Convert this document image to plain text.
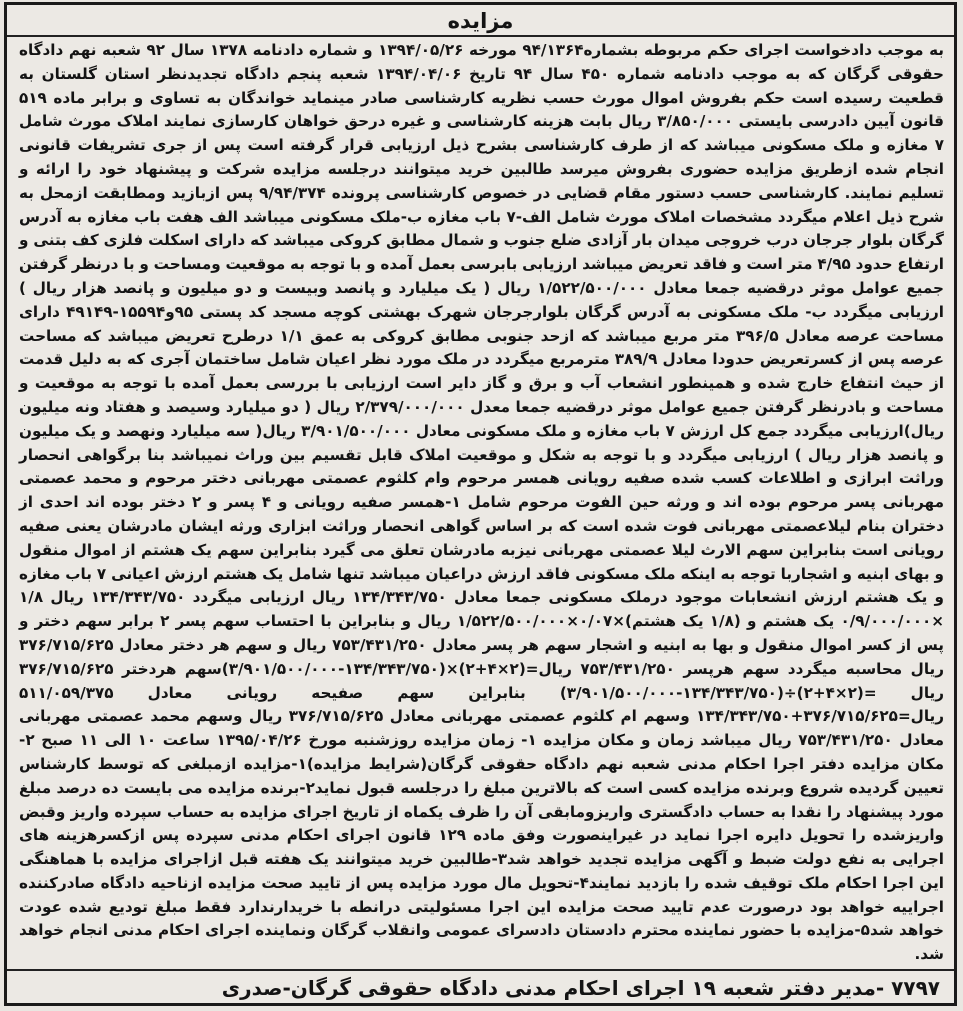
مزایده
به موجب دادخواست اجرای حکم مربوطه بشماره۹۴/۱۳۶۴ مورخه ۱۳۹۴/۰۵/۲۶ و شماره دادنامه ۱۳۷۸ سال ۹۲ شعبه نهم دادگاه حقوقی گرگان که به موجب دادنامه شماره ۴۵۰ سال ۹۴ تاریخ ۱۳۹۴/۰۴/۰۶ شعبه پنجم دادگاه تجدیدنظر استان گلستان به قطعیت رسیده است حکم بفروش اموال مورث حسب نظریه کارشناسی صادر مینماید خواندگان به تساوی و برابر ماده ۵۱۹ قانون آیین دادرسی بایستی ۳/۸۵۰/۰۰۰ ریال بابت هزینه کارشناسی و غیره درحق خواهان کارسازی نمایند املاک مورث شامل ۷ مغازه و ملک مسکونی میباشد که از طرف کارشناسی بشرح ذیل ارزیابی قرار گرفته است پس از جری تشریفات قانونی انجام شده ازطریق مزایده حضوری بفروش میرسد طالبین خرید میتوانند درجلسه مزایده شرکت و پیشنهاد خود را ارائه و تسلیم نمایند. کارشناسی حسب دستور مقام قضایی در خصوص کارشناسی پرونده ۹/۹۴/۳۷۴ پس ازبازید ومطابقت ازمحل به شرح ذیل اعلام میگردد مشخصات املاک مورث شامل الف-۷ باب مغازه ب-ملک مسکونی میباشد الف هفت باب مغازه به آدرس گرگان بلوار جرجان درب خروجی میدان بار آزادی ضلع جنوب و شمال مطابق کروکی میباشد که دارای اسکلت فلزی کف بتنی و ارتفاع حدود ۴/۹۵ متر است و فاقد تعریض میباشد ارزیابی بابرسی بعمل آمده و با توجه به موقعیت ومساحت و با درنظر گرفتن جمیع عوامل موثر درقضیه جمعا معادل ۱/۵۲۲/۵۰۰/۰۰۰ ریال ( یک میلیارد و پانصد وبیست و دو میلیون و پانصد هزار ریال ) ارزیابی میگردد ب- ملک مسکونی به آدرس گرگان بلوارجرجان شهرک بهشتی کوچه مسجد کد پستی ۹۵و۱۵۵۹۴-۴۹۱۴۹ دارای مساحت عرصه معادل ۳۹۶/۵ متر مربع میباشد که ازحد جنوبی مطابق کروکی به عمق ۱/۱ درطرح تعریض میباشد که مساحت عرصه پس از کسرتعریض حدودا معادل ۳۸۹/۹ مترمربع میگردد در ملک مورد نظر اعیان شامل ساختمان آجری که به دلیل قدمت از حیث انتفاع خارج شده و همینطور انشعاب آب و برق و گاز دایر است ارزیابی با بررسی بعمل آمده با توجه به موقعیت و مساحت و بادرنظر گرفتن جمیع عوامل موثر درقضیه جمعا معدل ۲/۳۷۹/۰۰۰/۰۰۰ ریال ( دو میلیارد وسیصد و هفتاد ونه میلیون ریال)ارزیابی میگردد جمع کل ارزش ۷ باب مغازه و ملک مسکونی معادل ۳/۹۰۱/۵۰۰/۰۰۰ ریال( سه میلیارد ونهصد و یک میلیون و پانصد هزار ریال ) ارزیابی میگردد و با توجه به شکل و موقعیت املاک قابل تقسیم بین وراث نمیباشد بنا برگواهی انحصار وراثت ابرازی و اطلاعات کسب شده صفیه رویانی همسر مرحوم وام کلثوم عصمتی مهربانی دختر مرحوم و محمد عصمتی مهربانی پسر مرحوم بوده اند و ورثه حین الفوت مرحوم شامل ۱-همسر صفیه رویانی و ۴ پسر و ۲ دختر بوده اند احدی از دختران بنام لیلاعصمتی مهربانی فوت شده است که بر اساس گواهی انحصار وراثت ابزاری ورثه ایشان مادرشان یعنی صفیه رویانی است بنابراین سهم الارث لیلا عصمتی مهربانی نیزبه مادرشان تعلق می گیرد بنابراین سهم یک هشتم از اموال منقول و بهای ابنیه و اشجاربا توجه به اینکه ملک مسکونی فاقد ارزش دراعیان میباشد تنها شامل یک هشتم ارزش اعیانی ۷ باب مغازه و یک هشتم ارزش انشعابات موجود درملک مسکونی جمعا معادل ۱۳۴/۳۴۳/۷۵۰ ریال ارزیابی میگردد ۱۳۴/۳۴۳/۷۵۰ ریال ۱/۸ ×۰/۹/۰۰۰/۰۰۰ یک هشتم و (۱/۸ یک هشتم)×۰/۰۷×۱/۵۲۲/۵۰۰/۰۰۰ ریال و بنابراین با احتساب سهم پسر ۲ برابر سهم دختر و پس از کسر اموال منقول و بها به ابنیه و اشجار سهم هر پسر معادل ۷۵۳/۴۳۱/۲۵۰ ریال و سهم هر دختر معادل ۳۷۶/۷۱۵/۶۲۵ ریال محاسبه میگردد سهم هرپسر ۷۵۳/۴۳۱/۲۵۰ ریال=(۲×۴+۲)×(۱۳۴/۳۴۳/۷۵۰-۳/۹۰۱/۵۰۰/۰۰۰)سهم هردختر ۳۷۶/۷۱۵/۶۲۵ ریال =(۲×۴+۲)÷(۱۳۴/۳۴۳/۷۵۰-۳/۹۰۱/۵۰۰/۰۰۰) بنابراین سهم صفیحه رویانی معادل ۵۱۱/۰۵۹/۳۷۵ ریال=۳۷۶/۷۱۵/۶۲۵+۱۳۴/۳۴۳/۷۵۰ وسهم ام کلثوم عصمتی مهربانی معادل ۳۷۶/۷۱۵/۶۲۵ ریال وسهم محمد عصمتی مهربانی معادل ۷۵۳/۴۳۱/۲۵۰ ریال میباشد زمان و مکان مزایده ۱- زمان مزایده روزشنبه مورخ ۱۳۹۵/۰۴/۲۶ ساعت ۱۰ الی ۱۱ صبح ۲- مکان مزایده دفتر اجرا احکام مدنی شعبه نهم دادگاه حقوقی گرگان(شرایط مزایده)۱-مزایده ازمبلغی که توسط کارشناس تعیین گردیده شروع وبرنده مزایده کسی است که بالاترین مبلغ را درجلسه قبول نماید۲-برنده مزایده می بایست ده درصد مبلغ مورد پیشنهاد را نقدا به حساب دادگستری واریزومابقی آن را ظرف یکماه از تاریخ اجرای مزایده به حساب سپرده واریز وقبض واریزشده را تحویل دایره اجرا نماید در غیراینصورت وفق ماده ۱۲۹ قانون اجرای احکام مدنی سپرده پس ازکسرهزینه های اجرایی به نفع دولت ضبط و آگهی مزایده تجدید خواهد شد۳-طالبین خرید میتوانند یک هفته قبل ازاجرای مزایده با هماهنگی این اجرا احکام ملک توقیف شده را بازدید نمایند۴-تحویل مال مورد مزایده پس از تایید صحت مزایده ازناحیه دادگاه صادرکننده اجراییه خواهد بود درصورت عدم تایید صحت مزایده این اجرا مسئولیتی درانطه با خریدارندارد فقط مبلغ تودیع شده عودت خواهد شد۵-مزایده با حضور نماینده محترم دادستان دادسرای عمومی وانقلاب گرگان ونماینده اجرای احکام مدنی انجام خواهد شد.
۷۷۹۷ -مدیر دفتر شعبه ۱۹ اجرای احکام مدنی دادگاه حقوقی گرگان-صدری
